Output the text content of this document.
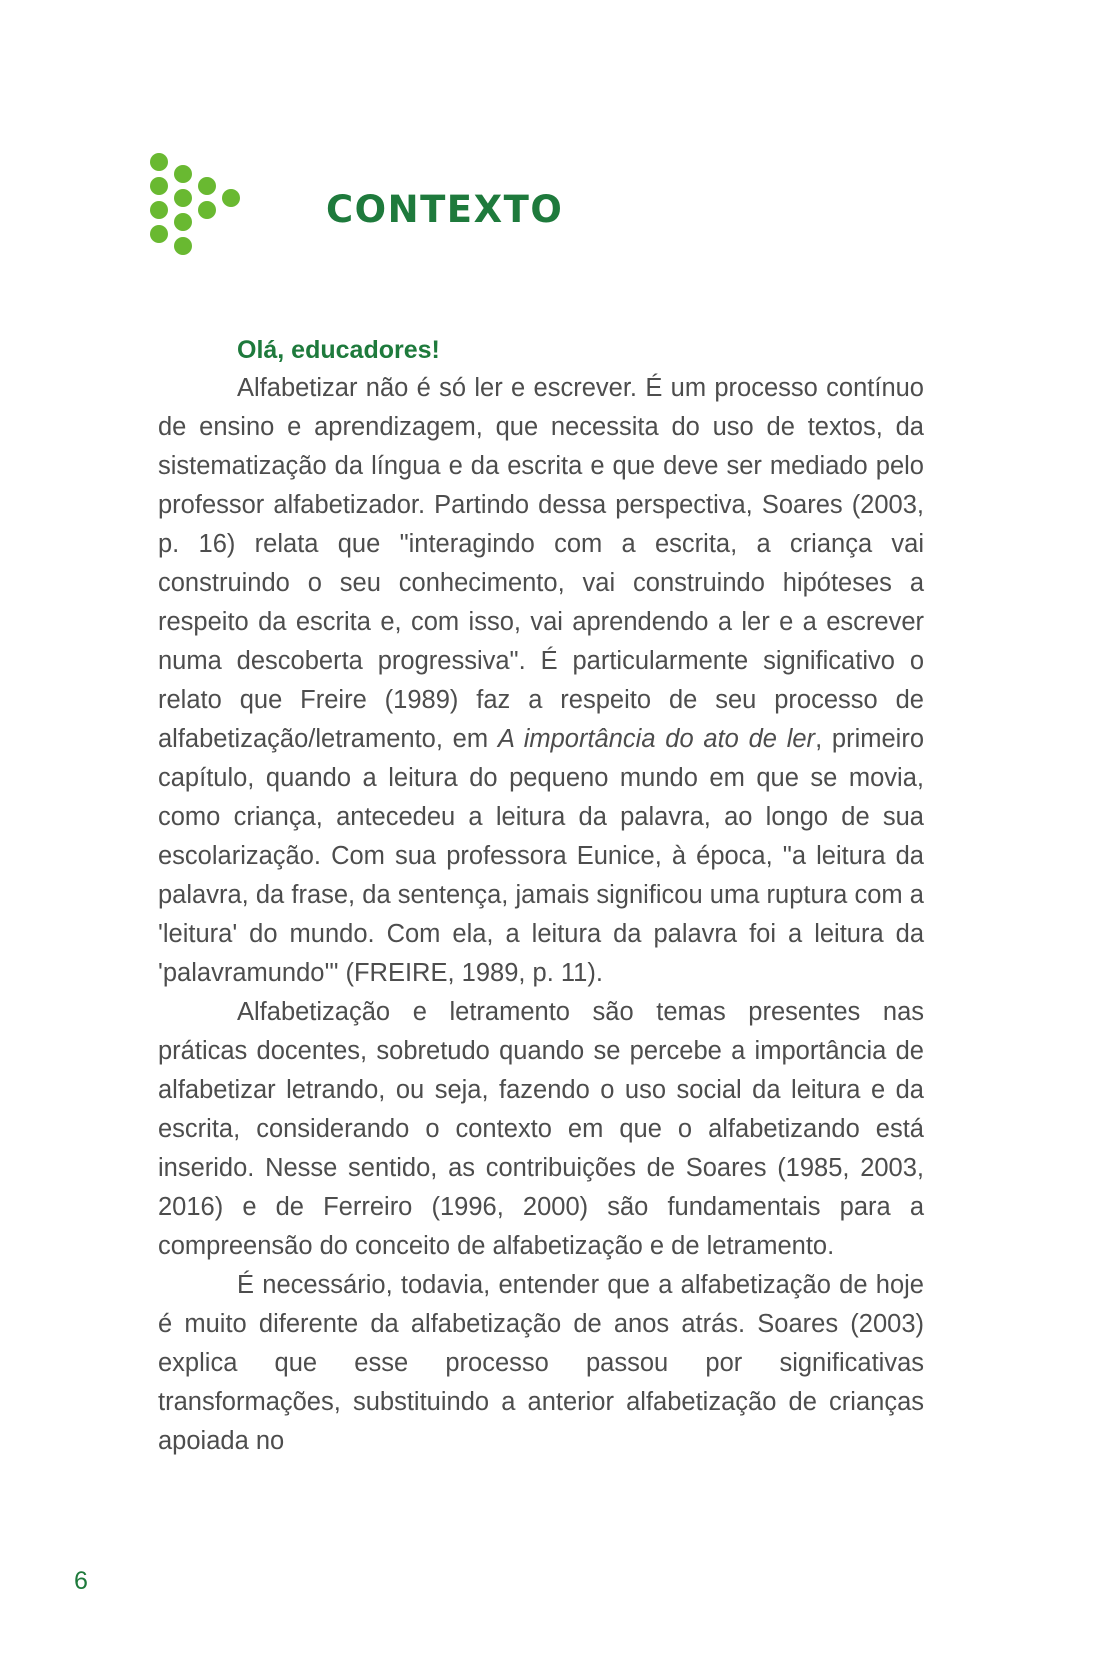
CONTEXTO

Olá, educadores!

Alfabetizar não é só ler e escrever. É um processo contínuo de ensino e aprendizagem, que necessita do uso de textos, da sistematização da língua e da escrita e que deve ser mediado pelo professor alfabetizador. Partindo dessa perspectiva, Soares (2003, p. 16) relata que "interagindo com a escrita, a criança vai construindo o seu conhecimento, vai construindo hipóteses a respeito da escrita e, com isso, vai aprendendo a ler e a escrever numa descoberta progressiva". É particularmente significativo o relato que Freire (1989) faz a respeito de seu processo de alfabetização/letramento, em A importância do ato de ler, primeiro capítulo, quando a leitura do pequeno mundo em que se movia, como criança, antecedeu a leitura da palavra, ao longo de sua escolarização. Com sua professora Eunice, à época, "a leitura da palavra, da frase, da sentença, jamais significou uma ruptura com a 'leitura' do mundo. Com ela, a leitura da palavra foi a leitura da 'palavramundo'" (FREIRE, 1989, p. 11).

Alfabetização e letramento são temas presentes nas práticas docentes, sobretudo quando se percebe a importância de alfabetizar letrando, ou seja, fazendo o uso social da leitura e da escrita, considerando o contexto em que o alfabetizando está inserido. Nesse sentido, as contribuições de Soares (1985, 2003, 2016) e de Ferreiro (1996, 2000) são fundamentais para a compreensão do conceito de alfabetização e de letramento.

É necessário, todavia, entender que a alfabetização de hoje é muito diferente da alfabetização de anos atrás. Soares (2003) explica que esse processo passou por significativas transformações, substituindo a anterior alfabetização de crianças apoiada no

6
